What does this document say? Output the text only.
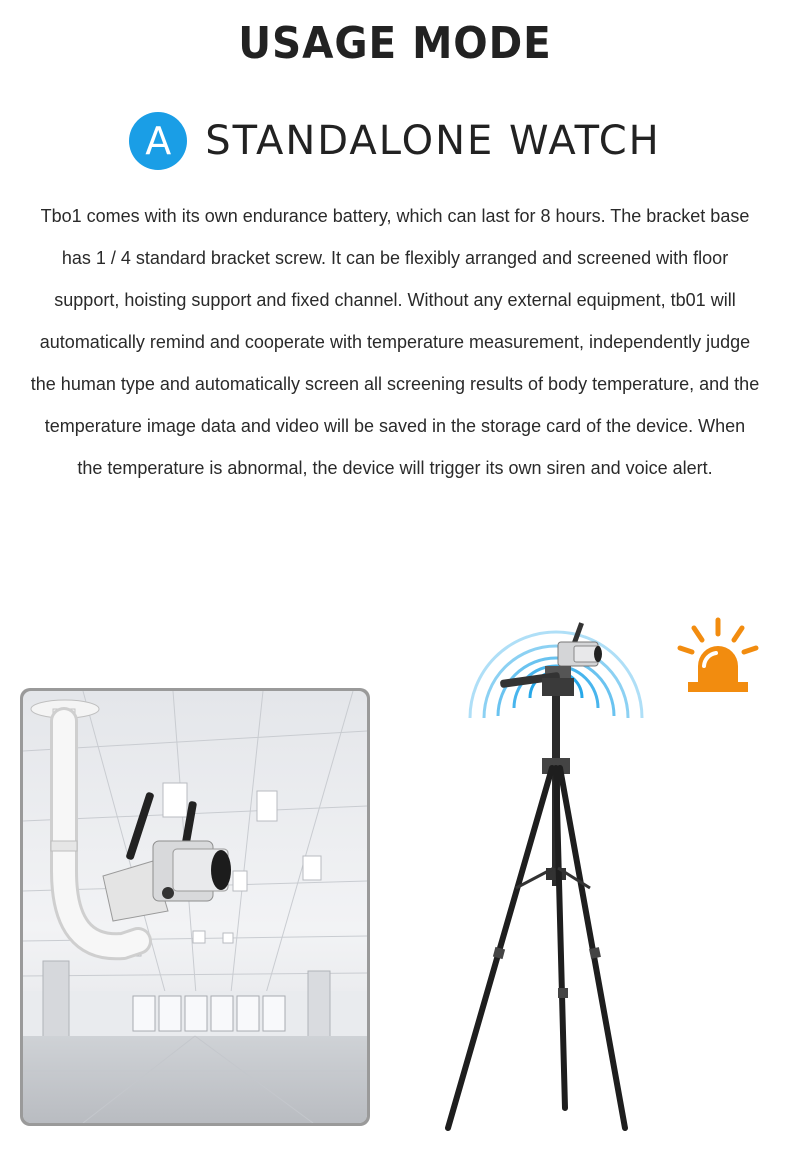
USAGE MODE
A STANDALONE WATCH

Tbo1 comes with its own endurance battery, which can last for 8 hours. The bracket base has 1 / 4 standard bracket screw. It can be flexibly arranged and screened with floor support, hoisting support and fixed channel. Without any external equipment, tb01 will automatically remind and cooperate with temperature measurement, independently judge the human type and automatically screen all screening results of body temperature, and the temperature image data and video will be saved in the storage card of the device. When the temperature is abnormal, the device will trigger its own siren and voice alert.
